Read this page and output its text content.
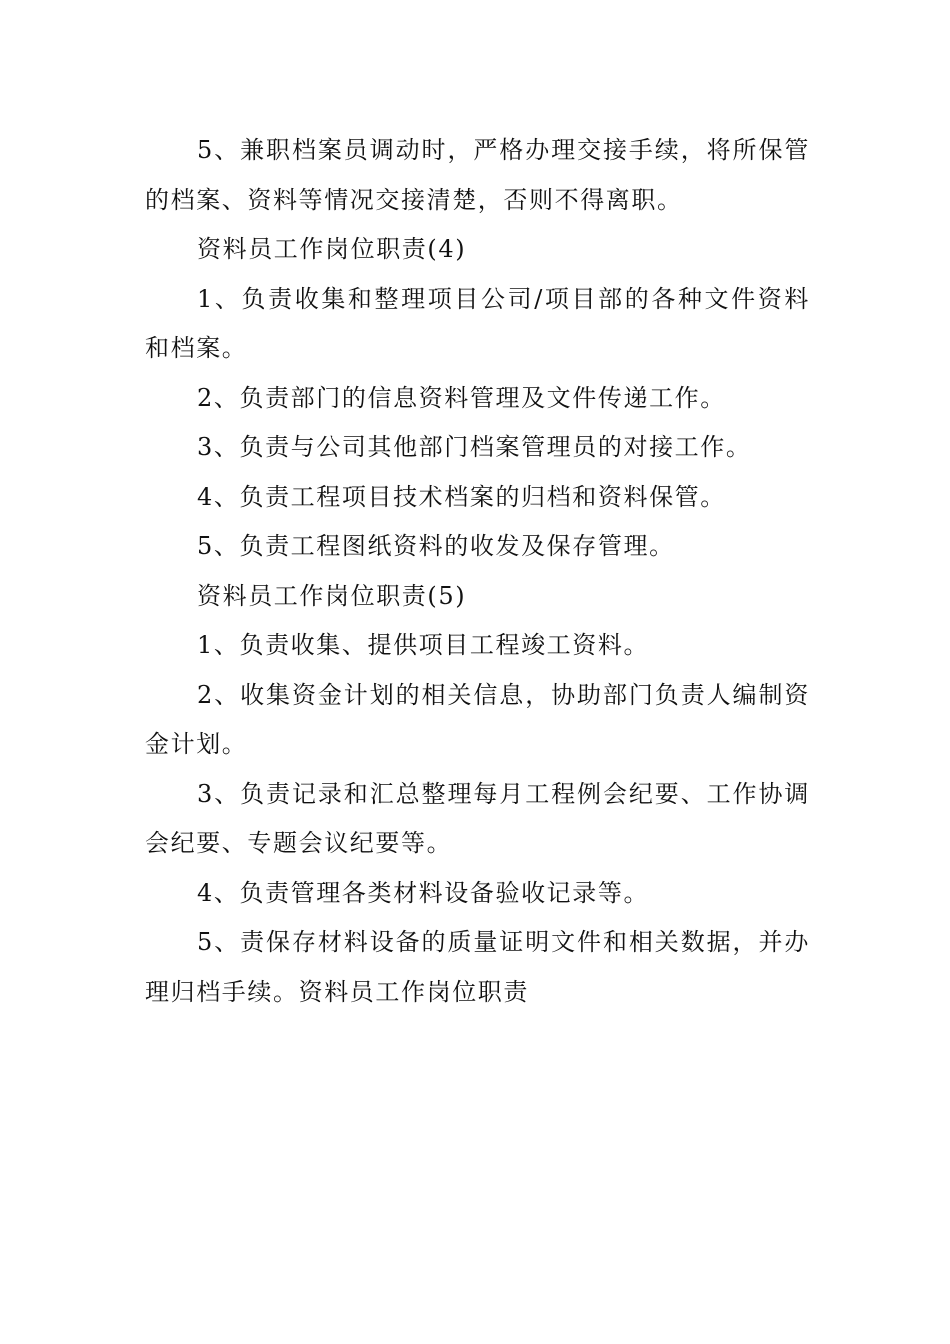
5、兼职档案员调动时，严格办理交接手续，将所保管的档案、资料等情况交接清楚，否则不得离职。

资料员工作岗位职责(4)

1、负责收集和整理项目公司/项目部的各种文件资料和档案。

2、负责部门的信息资料管理及文件传递工作。

3、负责与公司其他部门档案管理员的对接工作。

4、负责工程项目技术档案的归档和资料保管。

5、负责工程图纸资料的收发及保存管理。

资料员工作岗位职责(5)

1、负责收集、提供项目工程竣工资料。

2、收集资金计划的相关信息，协助部门负责人编制资金计划。

3、负责记录和汇总整理每月工程例会纪要、工作协调会纪要、专题会议纪要等。

4、负责管理各类材料设备验收记录等。

5、责保存材料设备的质量证明文件和相关数据，并办理归档手续。资料员工作岗位职责
